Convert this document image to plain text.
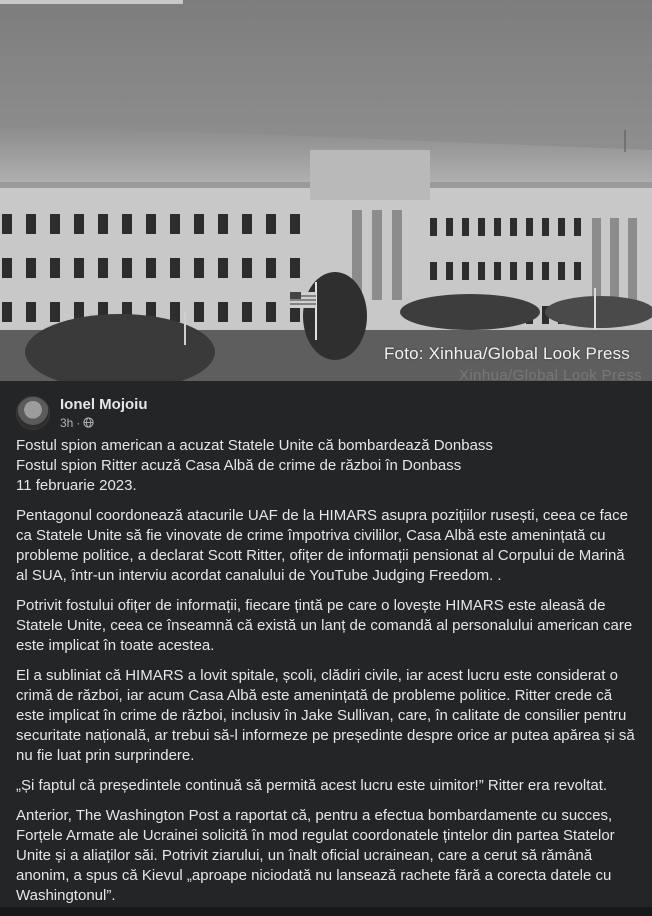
Foto: Xinhua/Global Look Press
Xinhua/Global Look Press
Ionel Mojoiu
3h ·

Fostul spion american a acuzat Statele Unite că bombardează Donbass
Fostul spion Ritter acuză Casa Albă de crime de război în Donbass
11 februarie 2023.

Pentagonul coordonează atacurile UAF de la HIMARS asupra pozițiilor rusești, ceea ce face ca Statele Unite să fie vinovate de crime împotriva civililor, Casa Albă este amenințată cu probleme politice, a declarat Scott Ritter, ofițer de informații pensionat al Corpului de Marină al SUA, într-un interviu acordat canalului de YouTube Judging Freedom. .

Potrivit fostului ofițer de informații, fiecare țintă pe care o lovește HIMARS este aleasă de Statele Unite, ceea ce înseamnă că există un lanț de comandă al personalului american care este implicat în toate acestea.

El a subliniat că HIMARS a lovit spitale, școli, clădiri civile, iar acest lucru este considerat o crimă de război, iar acum Casa Albă este amenințată de probleme politice. Ritter crede că este implicat în crime de război, inclusiv în Jake Sullivan, care, în calitate de consilier pentru securitate națională, ar trebui să-l informeze pe președinte despre orice ar putea apărea și să nu fie luat prin surprindere.

„Și faptul că președintele continuă să permită acest lucru este uimitor!” Ritter era revoltat.

Anterior, The Washington Post a raportat că, pentru a efectua bombardamente cu succes, Forțele Armate ale Ucrainei solicită în mod regulat coordonatele țintelor din partea Statelor Unite și a aliaților săi. Potrivit ziarului, un înalt oficial ucrainean, care a cerut să rămână anonim, a spus că Kievul „aproape niciodată nu lansează rachete fără a corecta datele cu Washingtonul”.
